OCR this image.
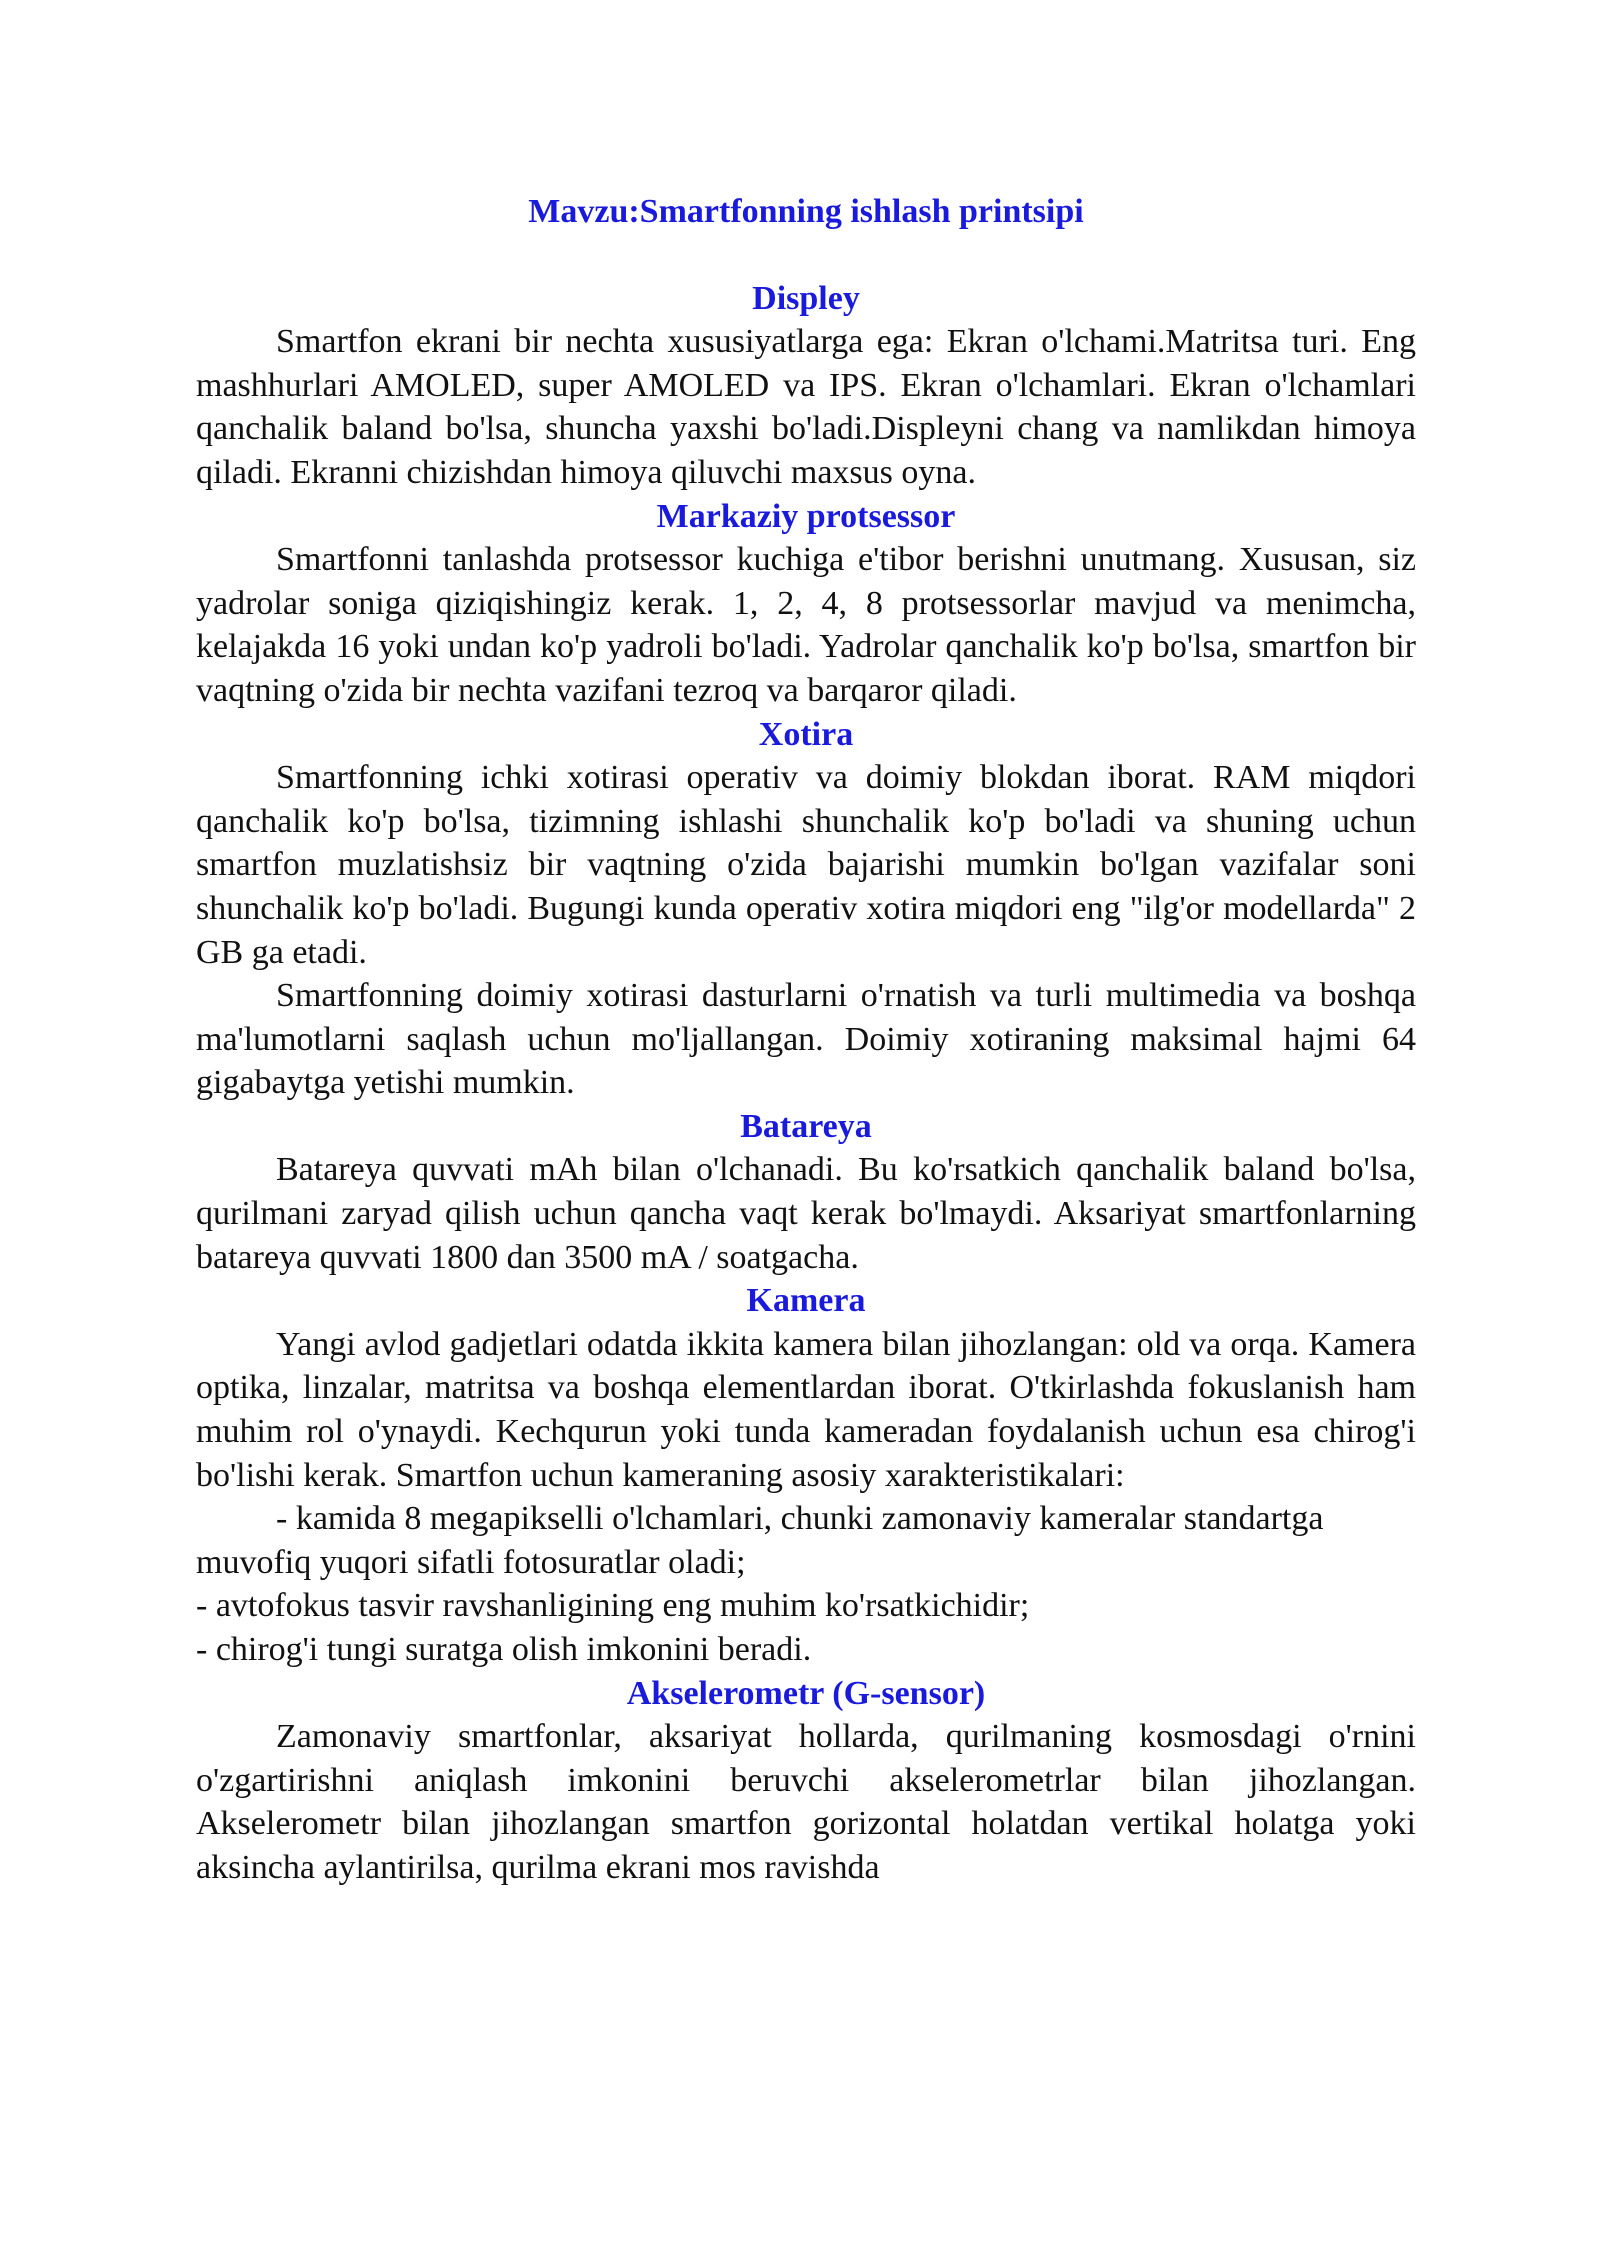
Mavzu:Smartfonning ishlash printsipi
Displey

Smartfon ekrani bir nechta xususiyatlarga ega: Ekran o'lchami.Matritsa turi. Eng mashhurlari AMOLED, super AMOLED va IPS. Ekran o'lchamlari. Ekran o'lchamlari qanchalik baland bo'lsa, shuncha yaxshi bo'ladi.Displeyni chang va namlikdan himoya qiladi. Ekranni chizishdan himoya qiluvchi maxsus oyna.

Markaziy protsessor

Smartfonni tanlashda protsessor kuchiga e'tibor berishni unutmang. Xususan, siz yadrolar soniga qiziqishingiz kerak. 1, 2, 4, 8 protsessorlar mavjud va menimcha, kelajakda 16 yoki undan ko'p yadroli bo'ladi. Yadrolar qanchalik ko'p bo'lsa, smartfon bir vaqtning o'zida bir nechta vazifani tezroq va barqaror qiladi.

Xotira

Smartfonning ichki xotirasi operativ va doimiy blokdan iborat. RAM miqdori qanchalik ko'p bo'lsa, tizimning ishlashi shunchalik ko'p bo'ladi va shuning uchun smartfon muzlatishsiz bir vaqtning o'zida bajarishi mumkin bo'lgan vazifalar soni shunchalik ko'p bo'ladi. Bugungi kunda operativ xotira miqdori eng "ilg'or modellarda" 2 GB ga etadi.

Smartfonning doimiy xotirasi dasturlarni o'rnatish va turli multimedia va boshqa ma'lumotlarni saqlash uchun mo'ljallangan. Doimiy xotiraning maksimal hajmi 64 gigabaytga yetishi mumkin.

Batareya

Batareya quvvati mAh bilan o'lchanadi. Bu ko'rsatkich qanchalik baland bo'lsa, qurilmani zaryad qilish uchun qancha vaqt kerak bo'lmaydi. Aksariyat smartfonlarning batareya quvvati 1800 dan 3500 mA / soatgacha.

Kamera

Yangi avlod gadjetlari odatda ikkita kamera bilan jihozlangan: old va orqa. Kamera optika, linzalar, matritsa va boshqa elementlardan iborat. O'tkirlashda fokuslanish ham muhim rol o'ynaydi. Kechqurun yoki tunda kameradan foydalanish uchun esa chirog'i bo'lishi kerak. Smartfon uchun kameraning asosiy xarakteristikalari:

- kamida 8 megapikselli o'lchamlari, chunki zamonaviy kameralar standartga muvofiq yuqori sifatli fotosuratlar oladi;

- avtofokus tasvir ravshanligining eng muhim ko'rsatkichidir;

- chirog'i tungi suratga olish imkonini beradi.

Akselerometr (G-sensor)

Zamonaviy smartfonlar, aksariyat hollarda, qurilmaning kosmosdagi o'rnini o'zgartirishni aniqlash imkonini beruvchi akselerometrlar bilan jihozlangan. Akselerometr bilan jihozlangan smartfon gorizontal holatdan vertikal holatga yoki aksincha aylantirilsa, qurilma ekrani mos ravishda
